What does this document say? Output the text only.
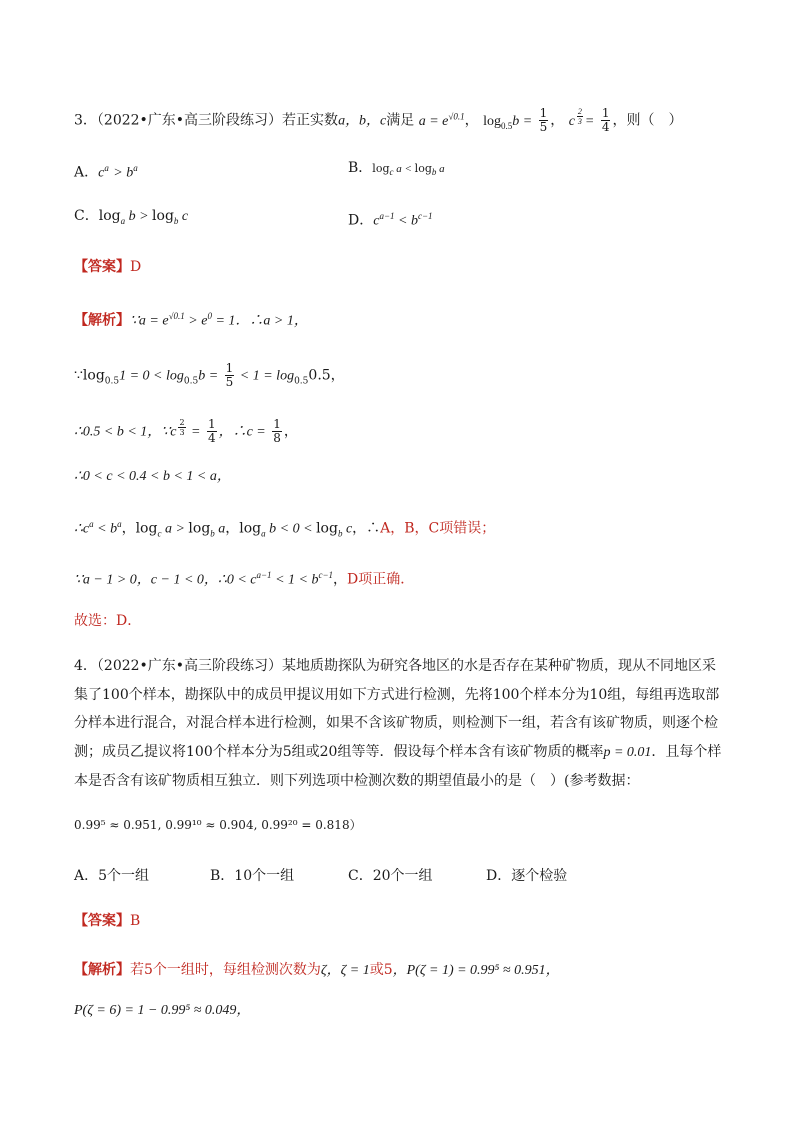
3．（2022•广东•高三阶段练习）若正实数a，b，c满足 $a = e^{√0.1}$， $\log_{0.5}b = \frac{1}{5}$ ， c $^{\frac{2}{3}} = \frac{1}{4}$ ，则（　）
A．$c^a > b^a$	B．$\log_c a < \log_b a$
C．$\log_a b > \log_b c$	D．$c^{a-1} < b^{c-1}$
【答案】D
【解析】∵a = $e^{√0.1} > e^0 = 1$．∴a > 1，
$\because\log_{0.5}1 = 0 < \log_{0.5}b = \frac{1}{5} < 1 = \log_{0.5}0.5$，
∴0.5 < b < 1，∵c $^{\frac{2}{3}} = \frac{1}{4}$ ，∴c = $\frac{1}{8}$ ，
∴0 < c < 0.4 < b < 1 < a，
$\therefore c^a < b^a$，$\log_c a > \log_b a$，$\log_a b < 0 < \log_b c$，∴A，B，C项错误；
∵a − 1 > 0，c − 1 < 0，∴0 < $c^{a-1} < 1 < b^{c-1}$，D项正确．
故选：D．
4．（2022•广东•高三阶段练习）某地质勘探队为研究各地区的水是否存在某种矿物质，现从不同地区采集了100个样本，勘探队中的成员甲提议用如下方式进行检测，先将100个样本分为10组，每组再选取部分样本进行混合，对混合样本进行检测，如果不含该矿物质，则检测下一组，若含有该矿物质，则逐个检测；成员乙提议将100个样本分为5组或20组等等．假设每个样本含有该矿物质的概率p = 0.01．且每个样本是否含有该矿物质相互独立．则下列选项中检测次数的期望值最小的是（　）(参考数据：
0.99⁵ ≈ 0.951, 0.99¹⁰ ≈ 0.904, 0.99²⁰ = 0.818）
A．5个一组	B．10个一组	C．20个一组	D．逐个检验
【答案】B
【解析】若5个一组时，每组检测次数为ζ，ζ = 1或5，P(ζ = 1) = 0.99⁵ ≈ 0.951，
P(ζ = 6) = 1 − 0.99⁵ ≈ 0.049，
